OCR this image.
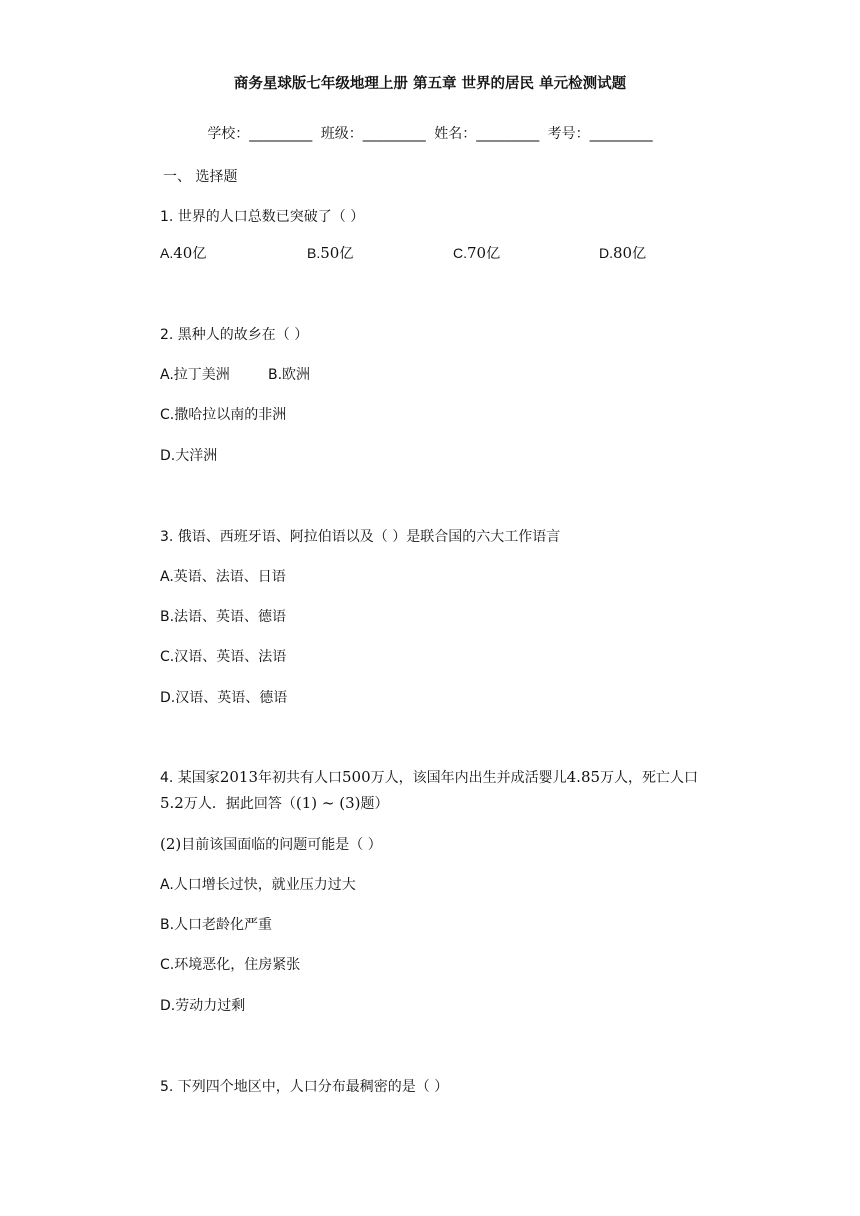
商务星球版七年级地理上册 第五章 世界的居民 单元检测试题
学校：_________ 班级：_________ 姓名：_________ 考号：_________
一、 选择题
1. 世界的人口总数已突破了（ ）
A.40亿	B.50亿	C.70亿	D.80亿
2. 黑种人的故乡在（ ）
A.拉丁美洲	B.欧洲
C.撒哈拉以南的非洲
D.大洋洲
3. 俄语、西班牙语、阿拉伯语以及（ ）是联合国的六大工作语言
A.英语、法语、日语
B.法语、英语、德语
C.汉语、英语、法语
D.汉语、英语、德语
4. 某国家2013年初共有人口500万人，该国年内出生并成活婴儿4.85万人，死亡人口
5.2万人．据此回答（(1) ~ (3)题）
(2)目前该国面临的问题可能是（ ）
A.人口增长过快，就业压力过大
B.人口老龄化严重
C.环境恶化，住房紧张
D.劳动力过剩
5. 下列四个地区中，人口分布最稠密的是（ ）
